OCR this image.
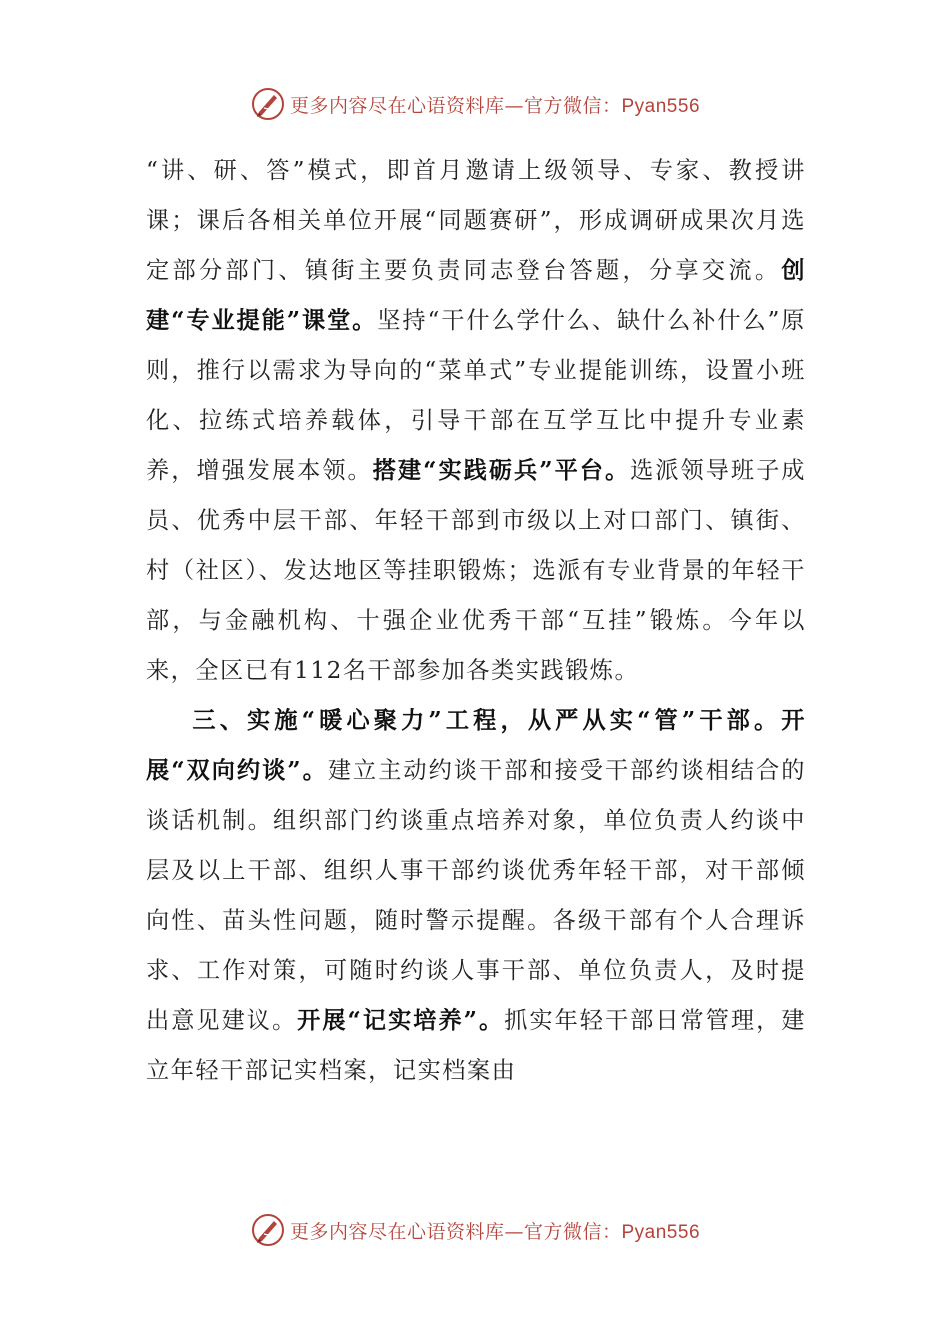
更多内容尽在心语资料库—官方微信：Pyan556

“讲、研、答”模式，即首月邀请上级领导、专家、教授讲课；课后各相关单位开展“同题赛研”，形成调研成果次月选定部分部门、镇街主要负责同志登台答题，分享交流。创建“专业提能”课堂。坚持“干什么学什么、缺什么补什么”原则，推行以需求为导向的“菜单式”专业提能训练，设置小班化、拉练式培养载体，引导干部在互学互比中提升专业素养，增强发展本领。搭建“实践砺兵”平台。选派领导班子成员、优秀中层干部、年轻干部到市级以上对口部门、镇街、村（社区）、发达地区等挂职锻炼；选派有专业背景的年轻干部，与金融机构、十强企业优秀干部“互挂”锻炼。今年以来，全区已有112名干部参加各类实践锻炼。

三、实施“暖心聚力”工程，从严从实“管”干部。开展“双向约谈”。建立主动约谈干部和接受干部约谈相结合的谈话机制。组织部门约谈重点培养对象，单位负责人约谈中层及以上干部、组织人事干部约谈优秀年轻干部，对干部倾向性、苗头性问题，随时警示提醒。各级干部有个人合理诉求、工作对策，可随时约谈人事干部、单位负责人，及时提出意见建议。开展“记实培养”。抓实年轻干部日常管理，建立年轻干部记实档案，记实档案由

更多内容尽在心语资料库—官方微信：Pyan556
